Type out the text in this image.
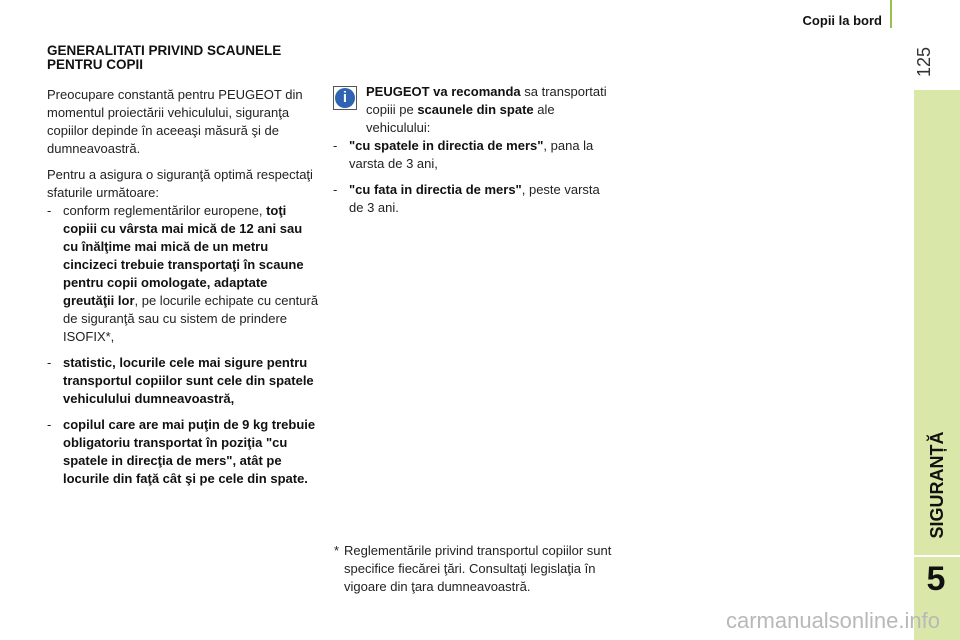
Copii la bord
125
SIGURANȚĂ
5
GENERALITATI PRIVIND SCAUNELE PENTRU COPII

Preocupare constantă pentru PEUGEOT din momentul proiectării vehiculului, siguranţa copiilor depinde în aceeaşi măsură şi de dumneavoastră.

Pentru a asigura o siguranţă optimă respectaţi sfaturile următoare:

- conform reglementărilor europene, toţi copiii cu vârsta mai mică de 12 ani sau cu înălţime mai mică de un metru cincizeci trebuie transportaţi în scaune pentru copii omologate, adaptate greutăţii lor, pe locurile echipate cu centură de siguranţă sau cu sistem de prindere ISOFIX*,
- statistic, locurile cele mai sigure pentru transportul copiilor sunt cele din spatele vehiculului dumneavoastră,
- copilul care are mai puţin de 9 kg trebuie obligatoriu transportat în poziţia "cu spatele in direcţia de mers", atât pe locurile din faţă cât şi pe cele din spate.
i	PEUGEOT va recomanda sa transportati copiii pe scaunele din spate ale vehiculului:
- "cu spatele in directia de mers", pana la varsta de 3 ani,
- "cu fata in directia de mers", peste varsta de 3 ani.
* Reglementările privind transportul copiilor sunt specifice fiecărei ţări. Consultaţi legislaţia în vigoare din ţara dumneavoastră.
carmanualsonline.info
